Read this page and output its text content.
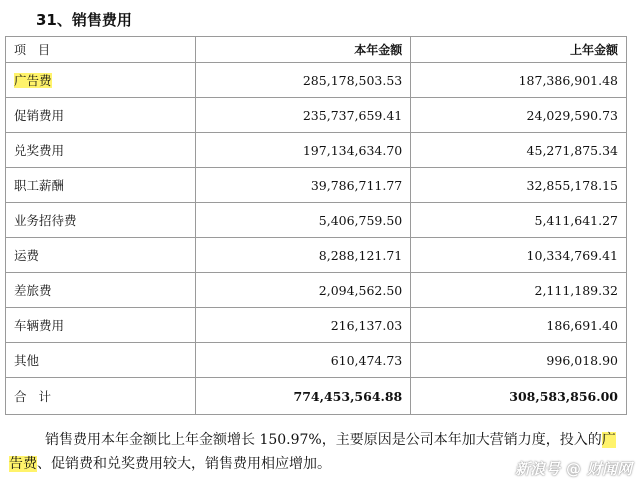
31、销售费用
项目	本年金额	上年金额
广告费	285,178,503.53	187,386,901.48
促销费用	235,737,659.41	24,029,590.73
兑奖费用	197,134,634.70	45,271,875.34
职工薪酬	39,786,711.77	32,855,178.15
业务招待费	5,406,759.50	5,411,641.27
运费	8,288,121.71	10,334,769.41
差旅费	2,094,562.50	2,111,189.32
车辆费用	216,137.03	186,691.40
其他	610,474.73	996,018.90
合计	774,453,564.88	308,583,856.00
销售费用本年金额比上年金额增长 150.97%，主要原因是公司本年加大营销力度，投入的广告费、促销费和兑奖费用较大，销售费用相应增加。	新浪号 @ 财闻网
